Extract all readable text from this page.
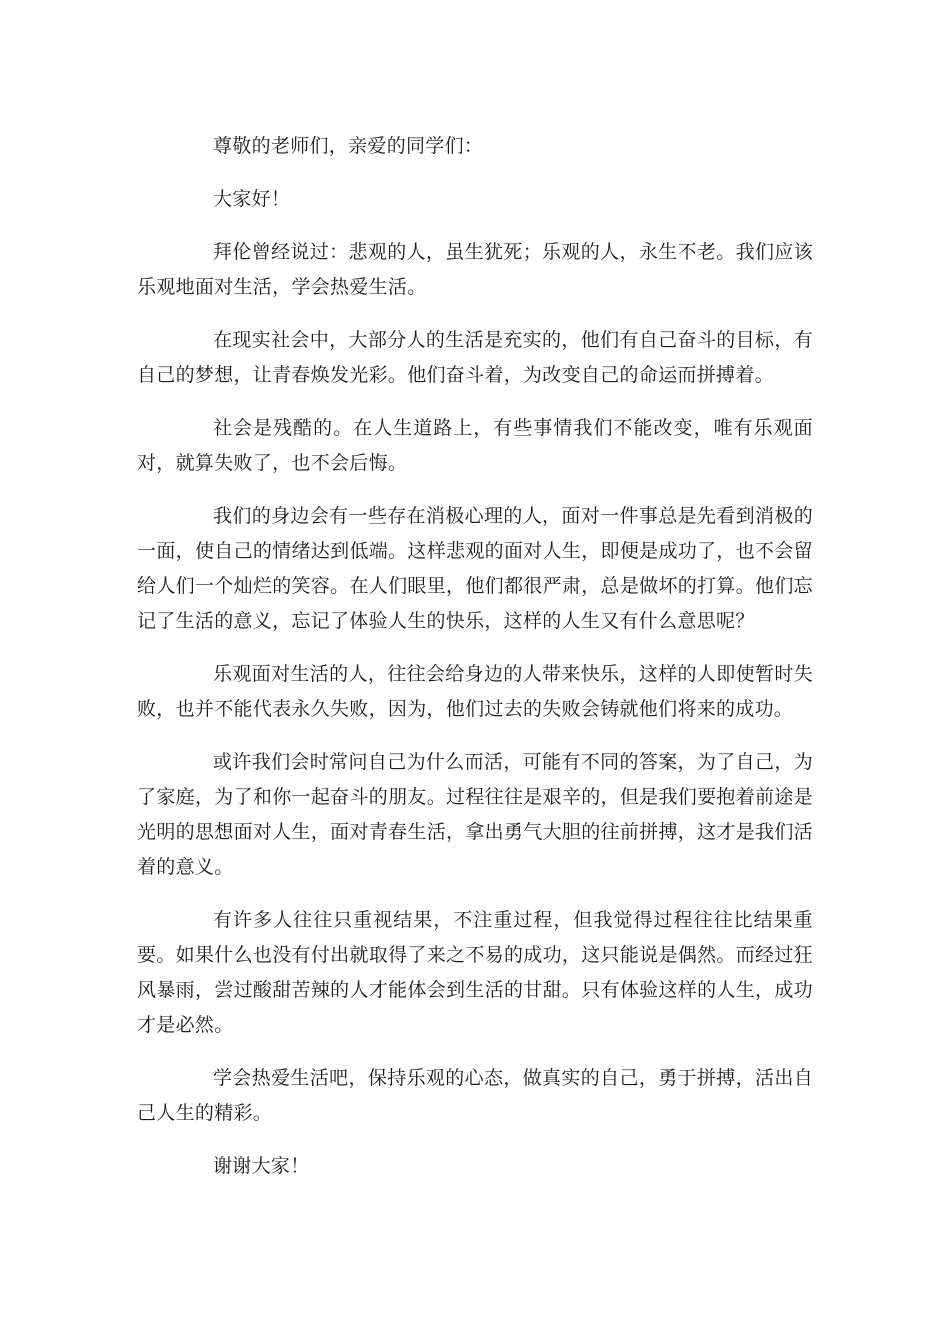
尊敬的老师们，亲爱的同学们：

大家好！

拜伦曾经说过：悲观的人，虽生犹死；乐观的人，永生不老。我们应该乐观地面对生活，学会热爱生活。

在现实社会中，大部分人的生活是充实的，他们有自己奋斗的目标，有自己的梦想，让青春焕发光彩。他们奋斗着，为改变自己的命运而拼搏着。

社会是残酷的。在人生道路上，有些事情我们不能改变，唯有乐观面对，就算失败了，也不会后悔。

我们的身边会有一些存在消极心理的人，面对一件事总是先看到消极的一面，使自己的情绪达到低端。这样悲观的面对人生，即便是成功了，也不会留给人们一个灿烂的笑容。在人们眼里，他们都很严肃，总是做坏的打算。他们忘记了生活的意义，忘记了体验人生的快乐，这样的人生又有什么意思呢？

乐观面对生活的人，往往会给身边的人带来快乐，这样的人即使暂时失败，也并不能代表永久失败，因为，他们过去的失败会铸就他们将来的成功。

或许我们会时常问自己为什么而活，可能有不同的答案，为了自己，为了家庭，为了和你一起奋斗的朋友。过程往往是艰辛的，但是我们要抱着前途是光明的思想面对人生，面对青春生活，拿出勇气大胆的往前拼搏，这才是我们活着的意义。

有许多人往往只重视结果，不注重过程，但我觉得过程往往比结果重要。如果什么也没有付出就取得了来之不易的成功，这只能说是偶然。而经过狂风暴雨，尝过酸甜苦辣的人才能体会到生活的甘甜。只有体验这样的人生，成功才是必然。

学会热爱生活吧，保持乐观的心态，做真实的自己，勇于拼搏，活出自己人生的精彩。

谢谢大家！
